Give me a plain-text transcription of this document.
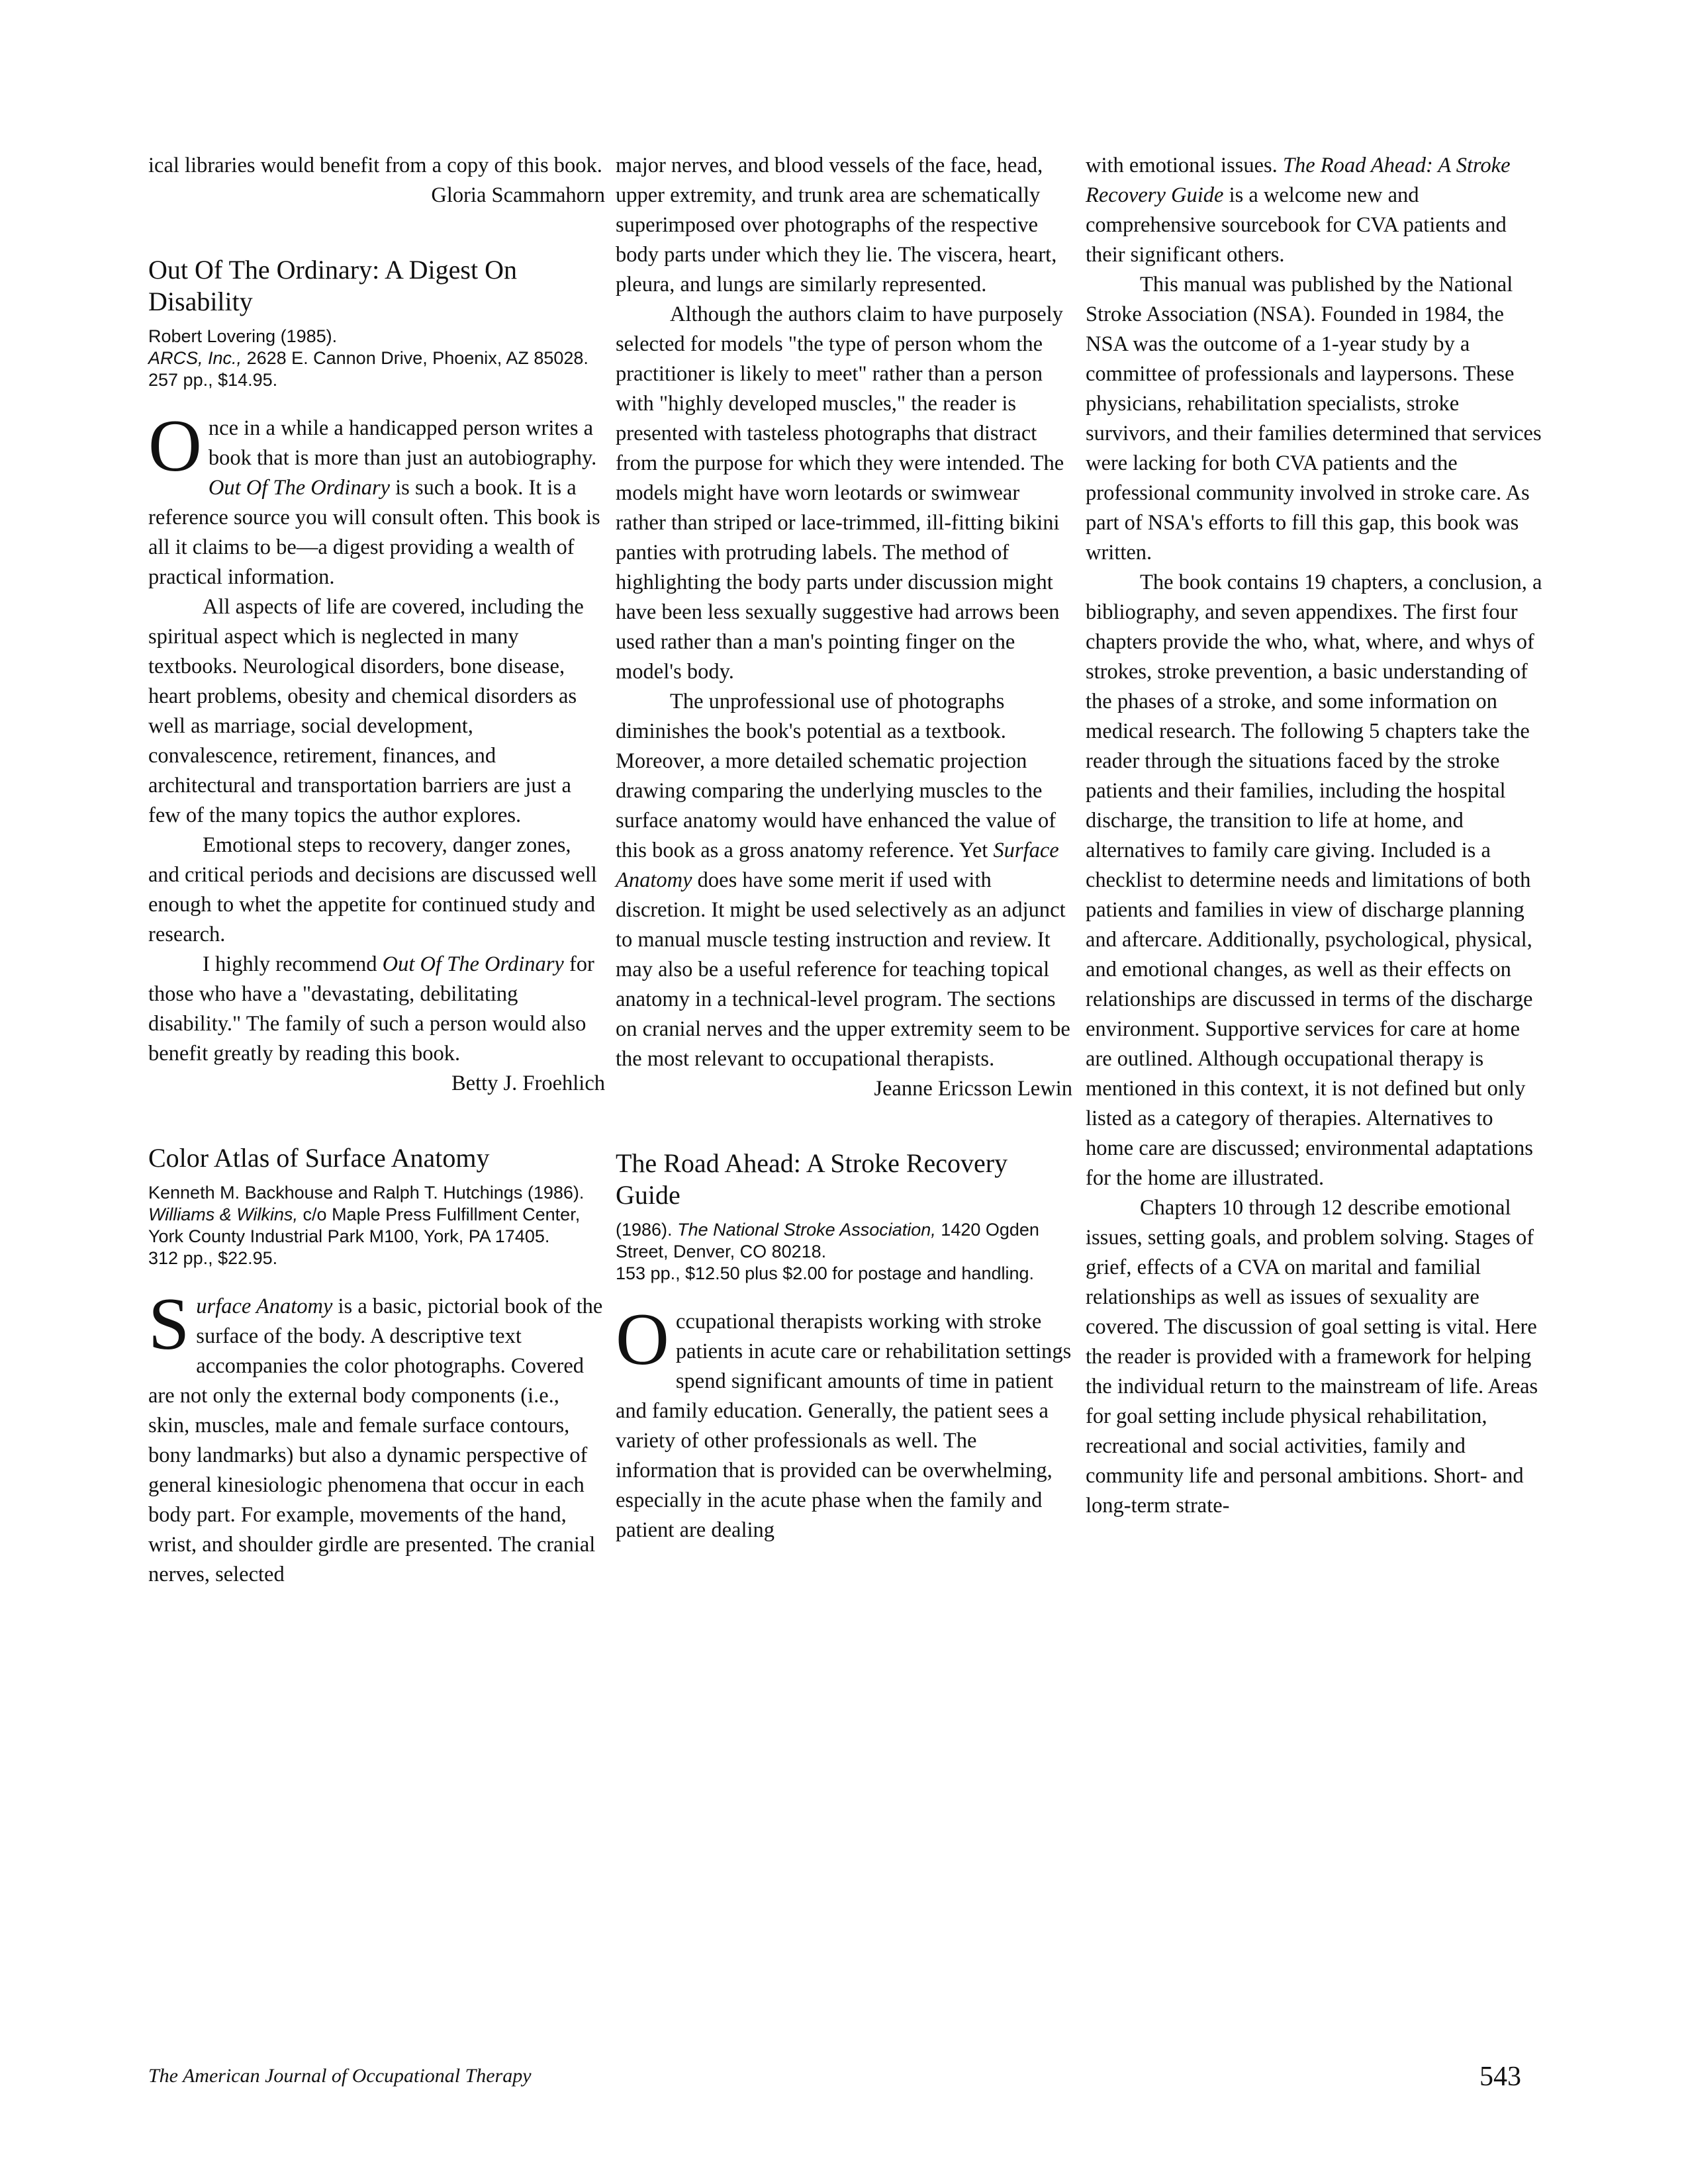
ical libraries would benefit from a copy of this book.

Gloria Scammahorn
Out Of The Ordinary: A Digest On Disability
Robert Lovering (1985).
ARCS, Inc., 2628 E. Cannon Drive, Phoenix, AZ 85028.
257 pp., $14.95.

Once in a while a handicapped person writes a book that is more than just an autobiography. Out Of The Ordinary is such a book. It is a reference source you will consult often. This book is all it claims to be—a digest providing a wealth of practical information.

All aspects of life are covered, including the spiritual aspect which is neglected in many textbooks. Neurological disorders, bone disease, heart problems, obesity and chemical disorders as well as marriage, social development, convalescence, retirement, finances, and architectural and transportation barriers are just a few of the many topics the author explores.

Emotional steps to recovery, danger zones, and critical periods and decisions are discussed well enough to whet the appetite for continued study and research.

I highly recommend Out Of The Ordinary for those who have a "devastating, debilitating disability." The family of such a person would also benefit greatly by reading this book.

Betty J. Froehlich
Color Atlas of Surface Anatomy
Kenneth M. Backhouse and Ralph T. Hutchings (1986).
Williams & Wilkins, c/o Maple Press Fulfillment Center, York County Industrial Park M100, York, PA 17405.
312 pp., $22.95.

Surface Anatomy is a basic, pictorial book of the surface of the body. A descriptive text accompanies the color photographs. Covered are not only the external body components (i.e., skin, muscles, male and female surface contours, bony landmarks) but also a dynamic perspective of general kinesiologic phenomena that occur in each body part. For example, movements of the hand, wrist, and shoulder girdle are presented. The cranial nerves, selected

major nerves, and blood vessels of the face, head, upper extremity, and trunk area are schematically superimposed over photographs of the respective body parts under which they lie. The viscera, heart, pleura, and lungs are similarly represented.

Although the authors claim to have purposely selected for models "the type of person whom the practitioner is likely to meet" rather than a person with "highly developed muscles," the reader is presented with tasteless photographs that distract from the purpose for which they were intended. The models might have worn leotards or swimwear rather than striped or lace-trimmed, ill-fitting bikini panties with protruding labels. The method of highlighting the body parts under discussion might have been less sexually suggestive had arrows been used rather than a man's pointing finger on the model's body.

The unprofessional use of photographs diminishes the book's potential as a textbook. Moreover, a more detailed schematic projection drawing comparing the underlying muscles to the surface anatomy would have enhanced the value of this book as a gross anatomy reference. Yet Surface Anatomy does have some merit if used with discretion. It might be used selectively as an adjunct to manual muscle testing instruction and review. It may also be a useful reference for teaching topical anatomy in a technical-level program. The sections on cranial nerves and the upper extremity seem to be the most relevant to occupational therapists.

Jeanne Ericsson Lewin
The Road Ahead: A Stroke Recovery Guide
(1986). The National Stroke Association, 1420 Ogden Street, Denver, CO 80218.
153 pp., $12.50 plus $2.00 for postage and handling.

Occupational therapists working with stroke patients in acute care or rehabilitation settings spend significant amounts of time in patient and family education. Generally, the patient sees a variety of other professionals as well. The information that is provided can be overwhelming, especially in the acute phase when the family and patient are dealing

with emotional issues. The Road Ahead: A Stroke Recovery Guide is a welcome new and comprehensive sourcebook for CVA patients and their significant others.

This manual was published by the National Stroke Association (NSA). Founded in 1984, the NSA was the outcome of a 1-year study by a committee of professionals and laypersons. These physicians, rehabilitation specialists, stroke survivors, and their families determined that services were lacking for both CVA patients and the professional community involved in stroke care. As part of NSA's efforts to fill this gap, this book was written.

The book contains 19 chapters, a conclusion, a bibliography, and seven appendixes. The first four chapters provide the who, what, where, and whys of strokes, stroke prevention, a basic understanding of the phases of a stroke, and some information on medical research. The following 5 chapters take the reader through the situations faced by the stroke patients and their families, including the hospital discharge, the transition to life at home, and alternatives to family care giving. Included is a checklist to determine needs and limitations of both patients and families in view of discharge planning and aftercare. Additionally, psychological, physical, and emotional changes, as well as their effects on relationships are discussed in terms of the discharge environment. Supportive services for care at home are outlined. Although occupational therapy is mentioned in this context, it is not defined but only listed as a category of therapies. Alternatives to home care are discussed; environmental adaptations for the home are illustrated.

Chapters 10 through 12 describe emotional issues, setting goals, and problem solving. Stages of grief, effects of a CVA on marital and familial relationships as well as issues of sexuality are covered. The discussion of goal setting is vital. Here the reader is provided with a framework for helping the individual return to the mainstream of life. Areas for goal setting include physical rehabilitation, recreational and social activities, family and community life and personal ambitions. Short- and long-term strate-

The American Journal of Occupational Therapy	543
